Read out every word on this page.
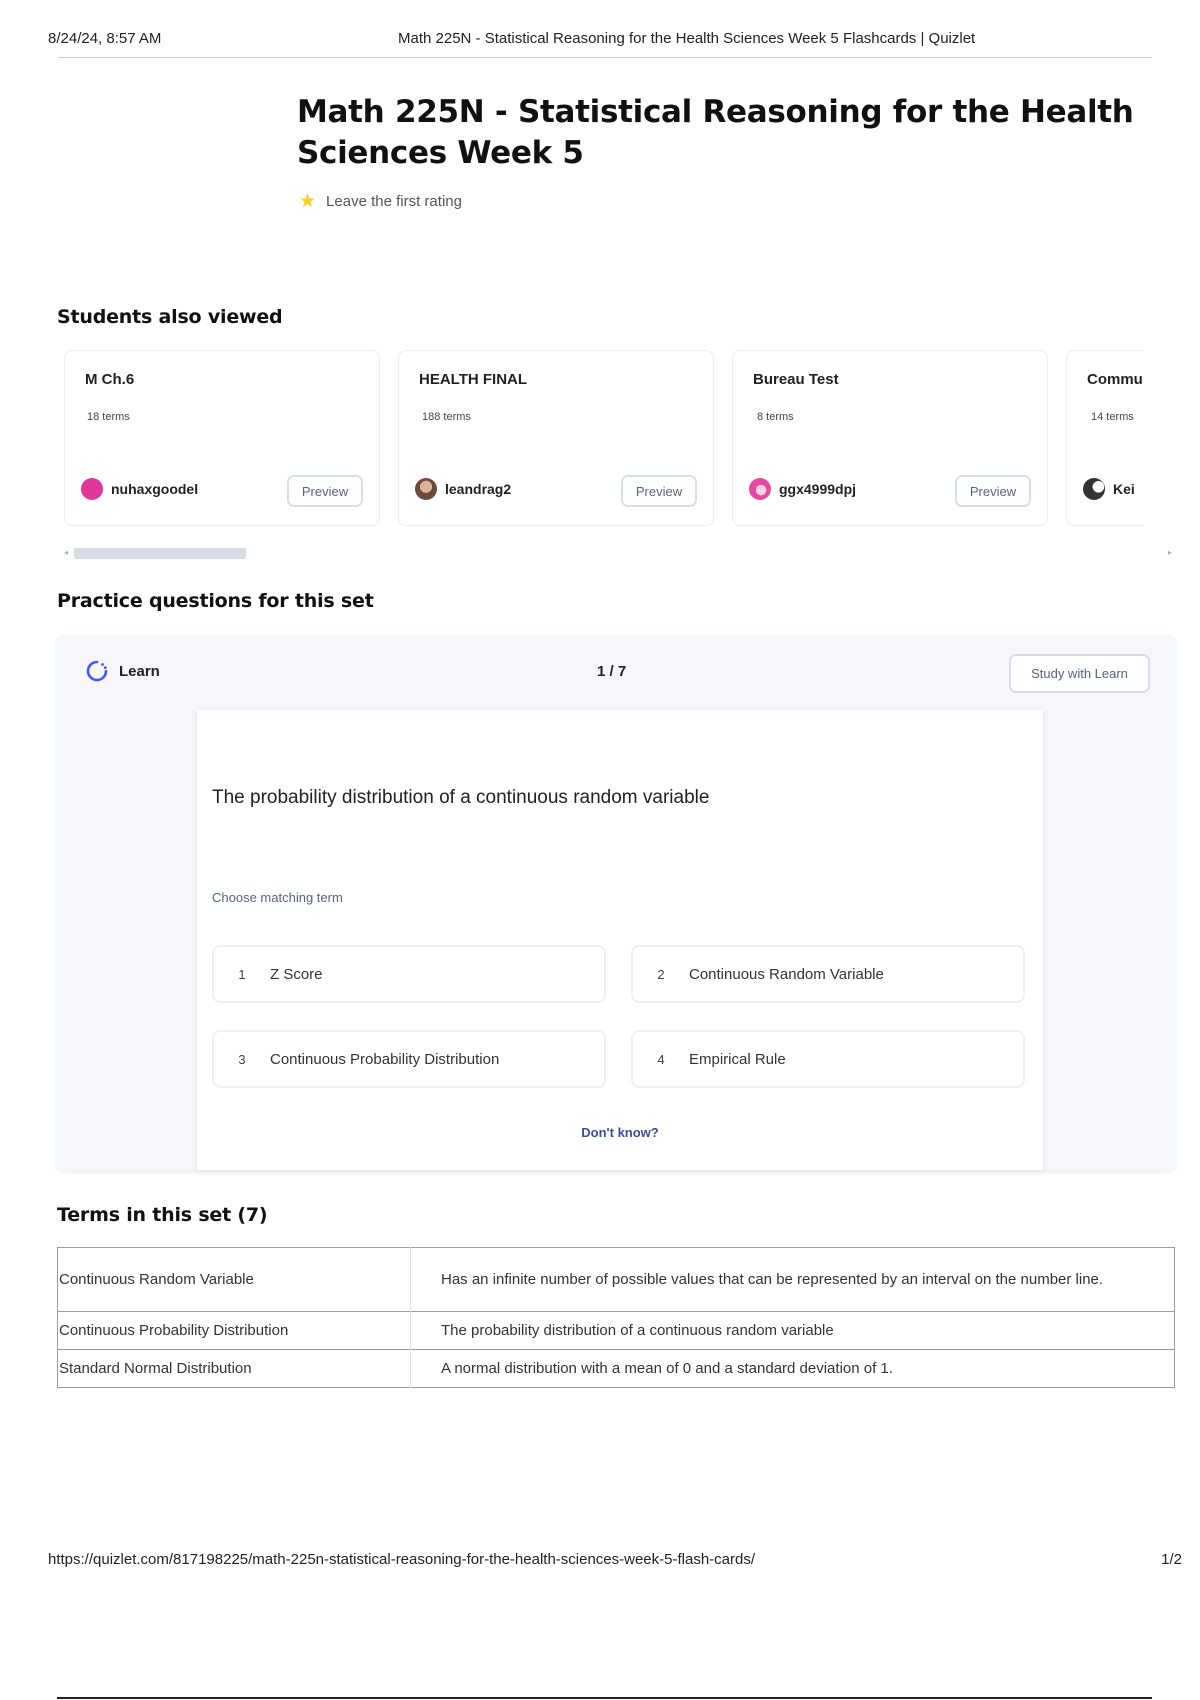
8/24/24, 8:57 AM	Math 225N - Statistical Reasoning for the Health Sciences Week 5 Flashcards | Quizlet
Math 225N - Statistical Reasoning for the Health Sciences Week 5
★ Leave the first rating
Students also viewed
M Ch.6
18 terms
nuhaxgoodel	Preview
HEALTH FINAL
188 terms
leandrag2	Preview
Bureau Test
8 terms
ggx4999dpj	Preview
Commu
14 terms
Kei
◂	▸
Practice questions for this set
Learn	1 / 7	Study with Learn
The probability distribution of a continuous random variable
Choose matching term
1	Z Score	2	Continuous Random Variable
3	Continuous Probability Distribution	4	Empirical Rule
Don't know?
Terms in this set (7)
Continuous Random Variable	Has an infinite number of possible values that can be represented by an interval on the number line.
Continuous Probability Distribution	The probability distribution of a continuous random variable
Standard Normal Distribution	A normal distribution with a mean of 0 and a standard deviation of 1.
https://quizlet.com/817198225/math-225n-statistical-reasoning-for-the-health-sciences-week-5-flash-cards/	1/2
